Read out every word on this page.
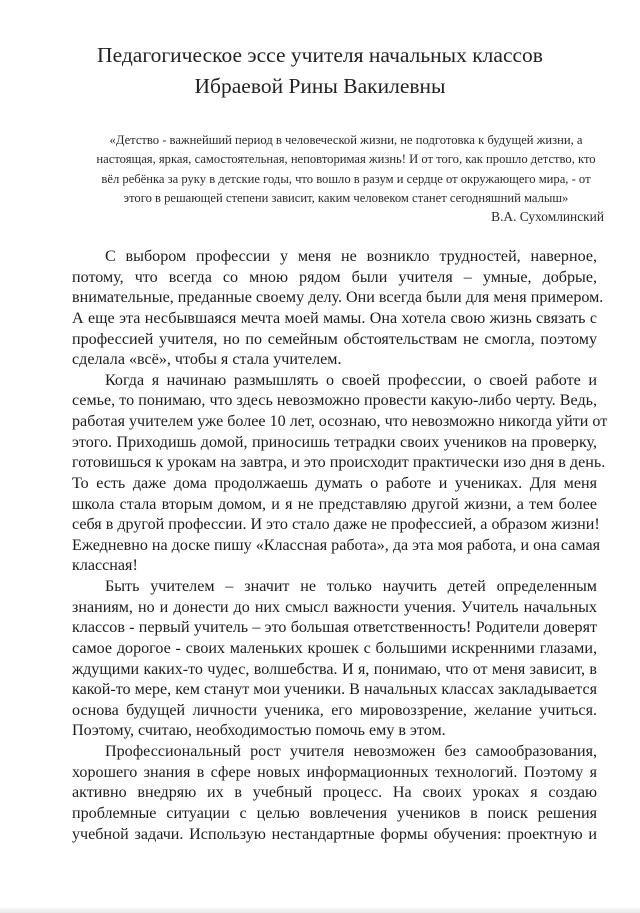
Педагогическое эссе учителя начальных классов
Ибраевой Рины Вакилевны
«Детство - важнейший период в человеческой жизни, не подготовка к будущей жизни, а
настоящая, яркая, самостоятельная, неповторимая жизнь! И от того, как прошло детство, кто
вёл ребёнка за руку в детские годы, что вошло в разум и сердце от окружающего мира, - от
этого в решающей степени зависит, каким человеком станет сегодняшний малыш»
В.А. Сухомлинский
С выбором профессии у меня не возникло трудностей, наверное,
потому, что всегда со мною рядом были учителя – умные, добрые,
внимательные, преданные своему делу. Они всегда были для меня примером.
А еще эта несбывшаяся мечта моей мамы. Она хотела свою жизнь связать с
профессией учителя, но по семейным обстоятельствам не смогла, поэтому
сделала «всё», чтобы я стала учителем.
Когда я начинаю размышлять о своей профессии, о своей работе и
семье, то понимаю, что здесь невозможно провести какую-либо черту. Ведь,
работая учителем уже более 10 лет, осознаю, что невозможно никогда уйти от
этого. Приходишь домой, приносишь тетрадки своих учеников на проверку,
готовишься к урокам на завтра, и это происходит практически изо дня в день.
То есть даже дома продолжаешь думать о работе и учениках. Для меня
школа стала вторым домом, и я не представляю другой жизни, а тем более
себя в другой профессии. И это стало даже не профессией, а образом жизни!
Ежедневно на доске пишу «Классная работа», да эта моя работа, и она самая
классная!
Быть учителем – значит не только научить детей определенным
знаниям, но и донести до них смысл важности учения. Учитель начальных
классов - первый учитель – это большая ответственность! Родители доверят
самое дорогое - своих маленьких крошек с большими искренними глазами,
ждущими каких-то чудес, волшебства. И я, понимаю, что от меня зависит, в
какой-то мере, кем станут мои ученики. В начальных классах закладывается
основа будущей личности ученика, его мировоззрение, желание учиться.
Поэтому, считаю, необходимостью помочь ему в этом.
Профессиональный рост учителя невозможен без самообразования,
хорошего знания в сфере новых информационных технологий. Поэтому я
активно внедряю их в учебный процесс. На своих уроках я создаю
проблемные ситуации с целью вовлечения учеников в поиск решения
учебной задачи. Использую нестандартные формы обучения: проектную и
